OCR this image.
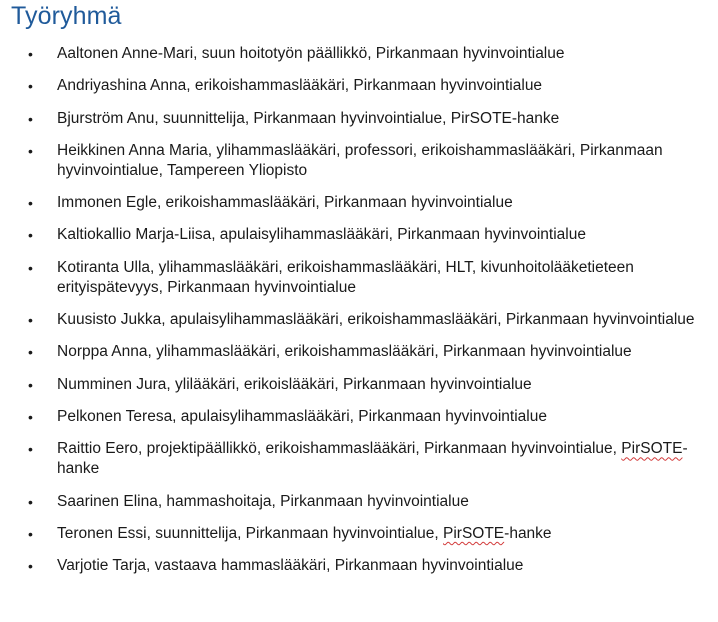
Työryhmä
• Aaltonen Anne-Mari, suun hoitotyön päällikkö, Pirkanmaan hyvinvointialue
• Andriyashina Anna, erikoishammaslääkäri, Pirkanmaan hyvinvointialue
• Bjurström Anu, suunnittelija, Pirkanmaan hyvinvointialue, PirSOTE-hanke
• Heikkinen Anna Maria, ylihammaslääkäri, professori, erikoishammaslääkäri, Pirkanmaan hyvinvointialue, Tampereen Yliopisto
• Immonen Egle, erikoishammaslääkäri, Pirkanmaan hyvinvointialue
• Kaltiokallio Marja-Liisa, apulaisylihammaslääkäri, Pirkanmaan hyvinvointialue
• Kotiranta Ulla, ylihammaslääkäri, erikoishammaslääkäri, HLT, kivunhoitolääketieteen erityispätevyys, Pirkanmaan hyvinvointialue
• Kuusisto Jukka, apulaisylihammaslääkäri, erikoishammaslääkäri, Pirkanmaan hyvinvointialue
• Norppa Anna, ylihammaslääkäri, erikoishammaslääkäri, Pirkanmaan hyvinvointialue
• Numminen Jura, ylilääkäri, erikoislääkäri, Pirkanmaan hyvinvointialue
• Pelkonen Teresa, apulaisylihammaslääkäri, Pirkanmaan hyvinvointialue
• Raittio Eero, projektipäällikkö, erikoishammaslääkäri, Pirkanmaan hyvinvointialue, PirSOTE-hanke
• Saarinen Elina, hammashoitaja, Pirkanmaan hyvinvointialue
• Teronen Essi, suunnittelija, Pirkanmaan hyvinvointialue, PirSOTE-hanke
• Varjotie Tarja, vastaava hammaslääkäri, Pirkanmaan hyvinvointialue
